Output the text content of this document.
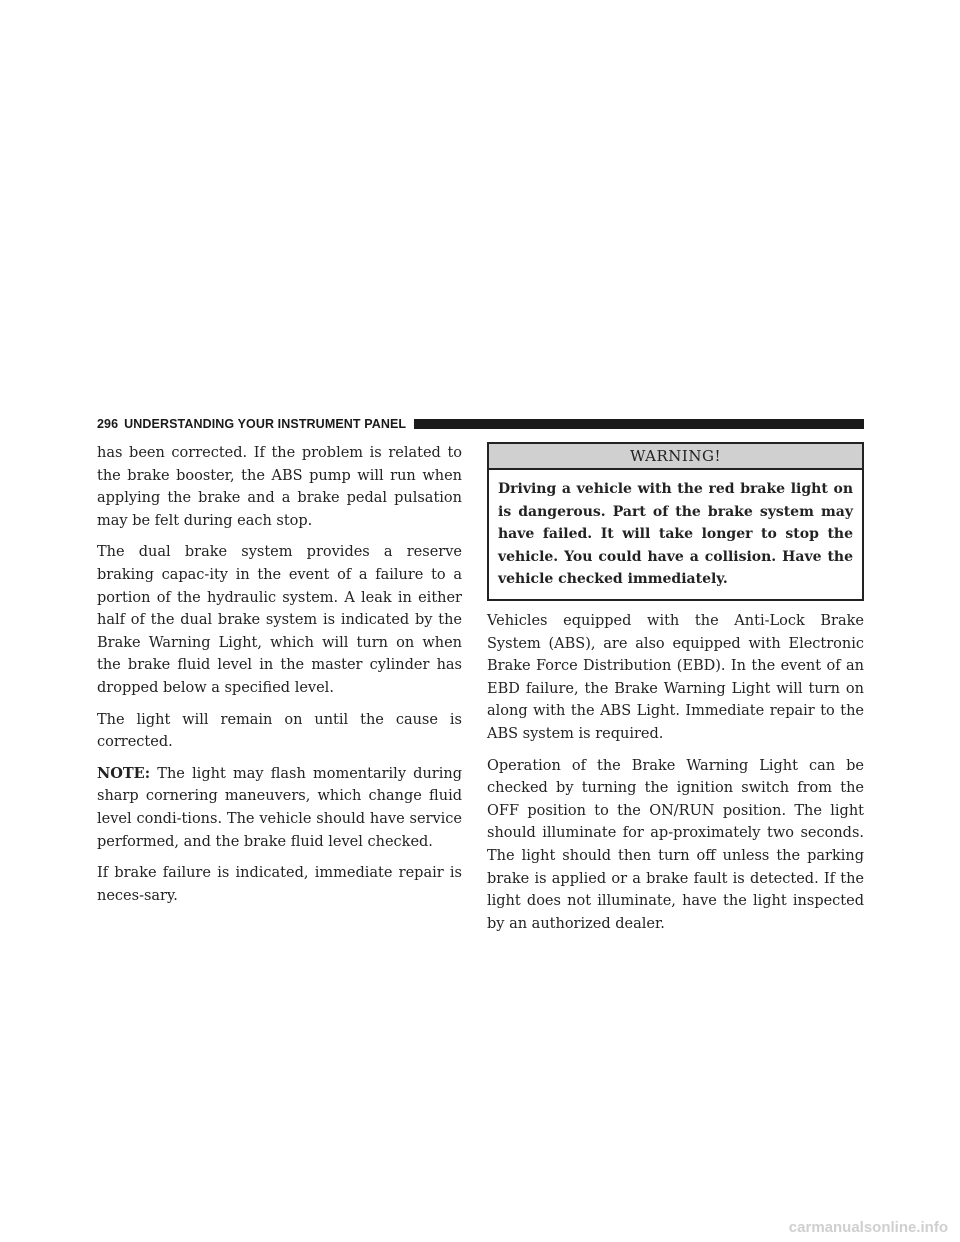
296 UNDERSTANDING YOUR INSTRUMENT PANEL

has been corrected. If the problem is related to the brake booster, the ABS pump will run when applying the brake and a brake pedal pulsation may be felt during each stop.

The dual brake system provides a reserve braking capac-ity in the event of a failure to a portion of the hydraulic system. A leak in either half of the dual brake system is indicated by the Brake Warning Light, which will turn on when the brake fluid level in the master cylinder has dropped below a specified level.

The light will remain on until the cause is corrected.

NOTE: The light may flash momentarily during sharp cornering maneuvers, which change fluid level condi-tions. The vehicle should have service performed, and the brake fluid level checked.

If brake failure is indicated, immediate repair is neces-sary.

WARNING!
Driving a vehicle with the red brake light on is dangerous. Part of the brake system may have failed. It will take longer to stop the vehicle. You could have a collision. Have the vehicle checked immediately.

Vehicles equipped with the Anti-Lock Brake System (ABS), are also equipped with Electronic Brake Force Distribution (EBD). In the event of an EBD failure, the Brake Warning Light will turn on along with the ABS Light. Immediate repair to the ABS system is required.

Operation of the Brake Warning Light can be checked by turning the ignition switch from the OFF position to the ON/RUN position. The light should illuminate for ap-proximately two seconds. The light should then turn off unless the parking brake is applied or a brake fault is detected. If the light does not illuminate, have the light inspected by an authorized dealer.

carmanualsonline.info
